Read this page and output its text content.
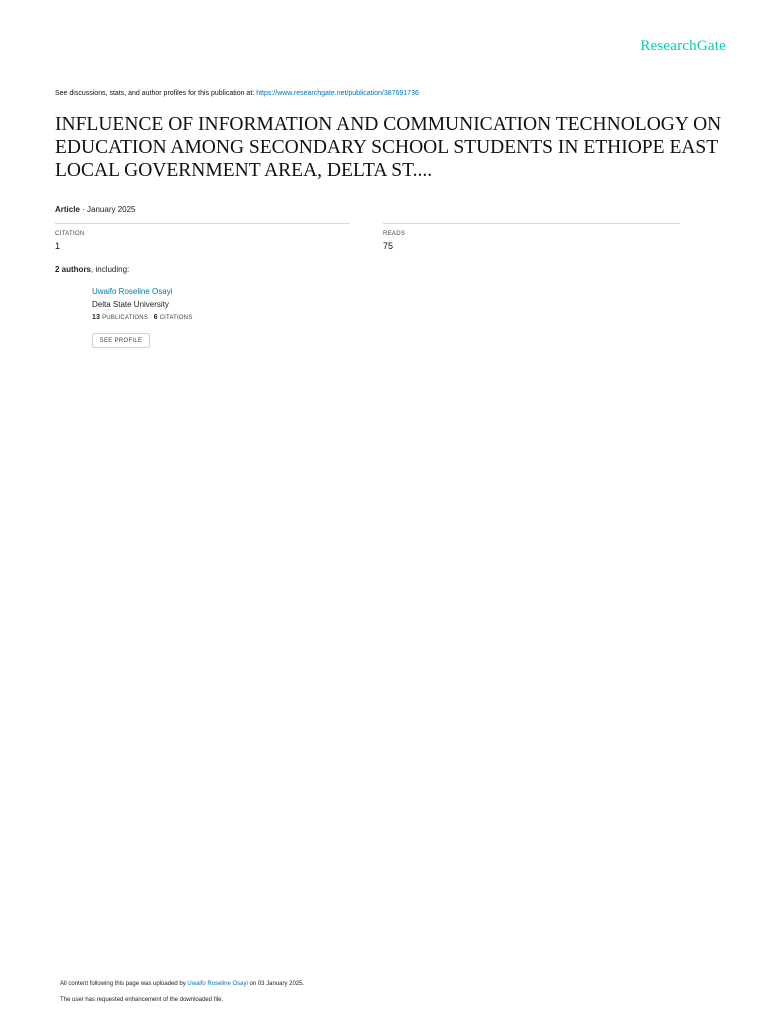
ResearchGate
See discussions, stats, and author profiles for this publication at: https://www.researchgate.net/publication/387691736
INFLUENCE OF INFORMATION AND COMMUNICATION TECHNOLOGY ON EDUCATION AMONG SECONDARY SCHOOL STUDENTS IN ETHIOPE EAST LOCAL GOVERNMENT AREA, DELTA ST....
Article · January 2025
CITATION
1
READS
75
2 authors, including:
Uwaifo Roseline Osayi
Delta State University
13 PUBLICATIONS 6 CITATIONS
SEE PROFILE
All content following this page was uploaded by Uwaifo Roseline Osayi on 03 January 2025.
The user has requested enhancement of the downloaded file.
